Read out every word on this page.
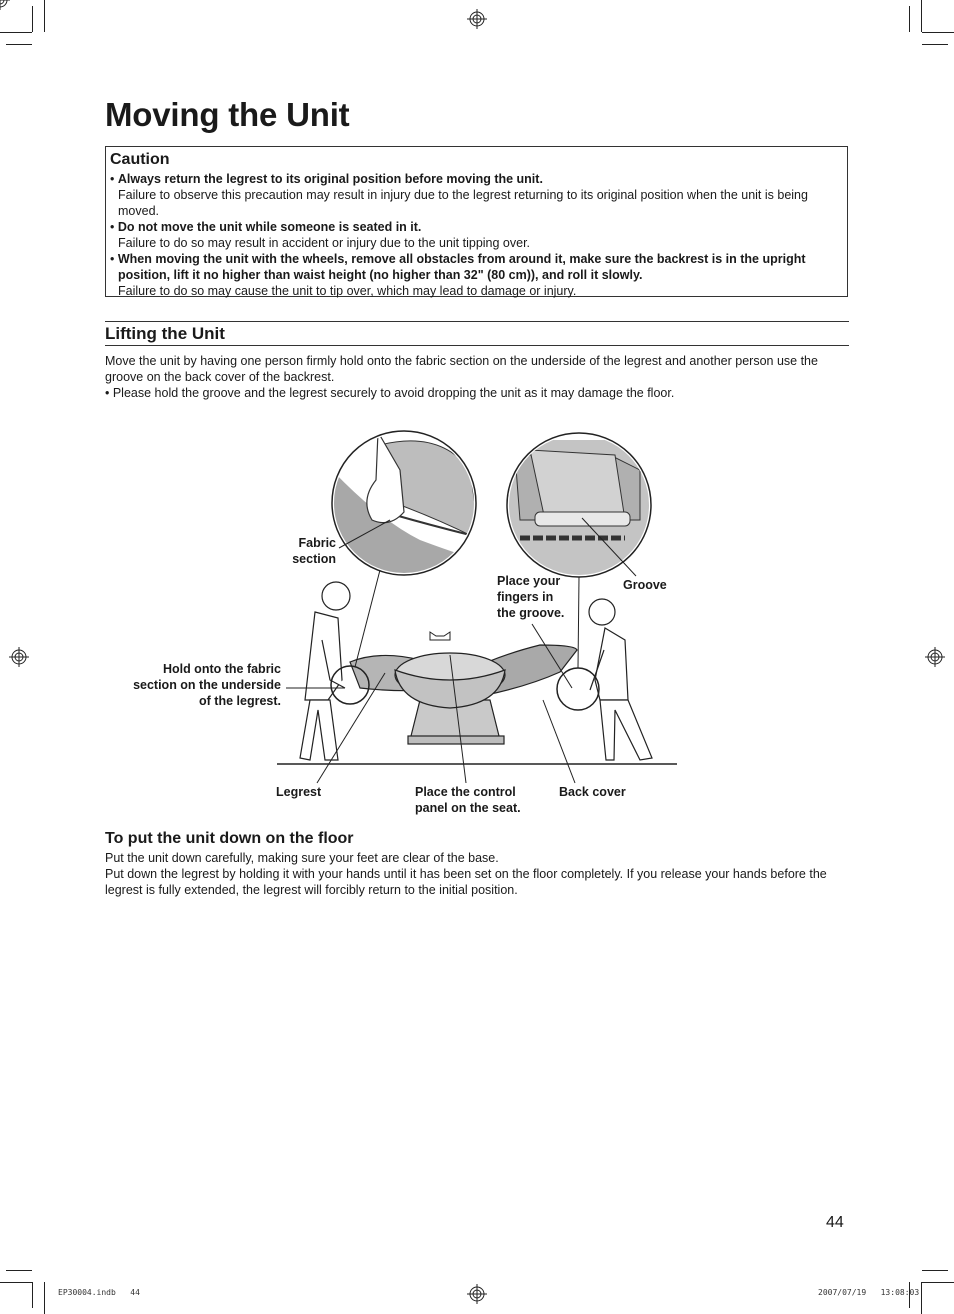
Moving the Unit
Caution
• Always return the legrest to its original position before moving the unit.
Failure to observe this precaution may result in injury due to the legrest returning to its original position when the unit is being moved.
• Do not move the unit while someone is seated in it.
Failure to do so may result in accident or injury due to the unit tipping over.
• When moving the unit with the wheels, remove all obstacles from around it, make sure the backrest is in the upright position, lift it no higher than waist height (no higher than 32" (80 cm)), and roll it slowly.
Failure to do so may cause the unit to tip over, which may lead to damage or injury.
Lifting the Unit
Move the unit by having one person firmly hold onto the fabric section on the underside of the legrest and another person use the groove on the back cover of the backrest.
• Please hold the groove and the legrest securely to avoid dropping the unit as it may damage the floor.
Fabric
section
Place your
fingers in
the groove.
Groove
Hold onto the fabric
section on the underside
of the legrest.
Legrest	Place the control
panel on the seat.
Back cover
To put the unit down on the floor
Put the unit down carefully, making sure your feet are clear of the base.
Put down the legrest by holding it with your hands until it has been set on the floor completely. If you release your hands before the legrest is fully extended, the legrest will forcibly return to the initial position.
44
EP30004.indb   44	2007/07/19   13:08:03
